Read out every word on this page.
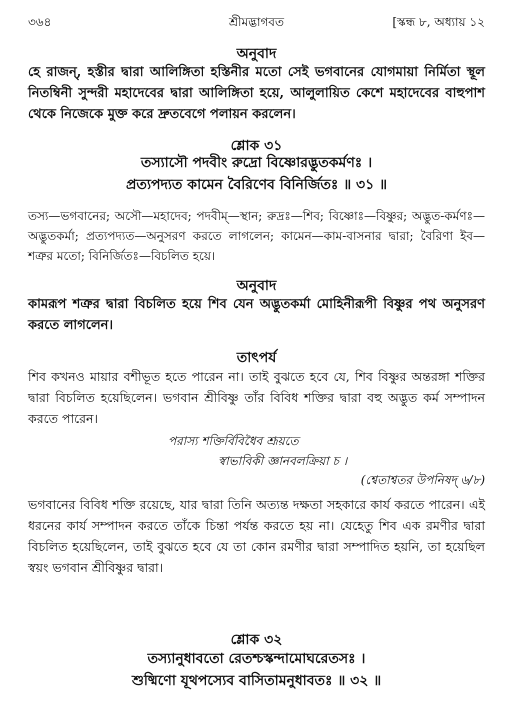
৩৬৪	শ্রীমদ্ভাগবত	[স্কন্ধ ৮, অধ্যায় ১২
অনুবাদ
হে রাজন্, হস্তীর দ্বারা আলিঙ্গিতা হস্তিনীর মতো সেই ভগবানের যোগমায়া নির্মিতা স্থূল নিতম্বিনী সুন্দরী মহাদেবের দ্বারা আলিঙ্গিতা হয়ে, আলুলায়িত কেশে মহাদেবের বাহুপাশ থেকে নিজেকে মুক্ত করে দ্রুতবেগে পলায়ন করলেন।
শ্লোক ৩১
তস্যাসৌ পদবীং রুদ্রো বিষ্ণোরদ্ভুতকর্মণঃ ।
প্রত্যপদ্যত কামেন বৈরিণেব বিনির্জিতঃ ॥ ৩১ ॥
তস্য—ভগবানের; অসৌ—মহাদেব; পদবীম্—স্থান; রুদ্রঃ—শিব; বিষ্ণোঃ—বিষ্ণুর; অদ্ভুত-কর্মণঃ—অদ্ভুতকর্মা; প্রত্যপদ্যত—অনুসরণ করতে লাগলেন; কামেন—কাম-বাসনার দ্বারা; বৈরিণা ইব—শত্রুর মতো; বিনির্জিতঃ—বিচলিত হয়ে।
অনুবাদ
কামরূপ শত্রুর দ্বারা বিচলিত হয়ে শিব যেন অদ্ভুতকর্মা মোহিনীরূপী বিষ্ণুর পথ অনুসরণ করতে লাগলেন।
তাৎপর্য
শিব কখনও মায়ার বশীভূত হতে পারেন না। তাই বুঝতে হবে যে, শিব বিষ্ণুর অন্তরঙ্গা শক্তির দ্বারা বিচলিত হয়েছিলেন। ভগবান শ্রীবিষ্ণু তাঁর বিবিধ শক্তির দ্বারা বহু অদ্ভুত কর্ম সম্পাদন করতে পারেন।
পরাস্য শক্তির্বিবিধৈব শ্রূয়তে
স্বাভাবিকী জ্ঞানবলক্রিয়া চ ।
(শ্বেতাশ্বতর উপনিষদ্ ৬/৮)
ভগবানের বিবিধ শক্তি রয়েছে, যার দ্বারা তিনি অত্যন্ত দক্ষতা সহকারে কার্য করতে পারেন। এই ধরনের কার্য সম্পাদন করতে তাঁকে চিন্তা পর্যন্ত করতে হয় না। যেহেতু শিব এক রমণীর দ্বারা বিচলিত হয়েছিলেন, তাই বুঝতে হবে যে তা কোন রমণীর দ্বারা সম্পাদিত হয়নি, তা হয়েছিল স্বয়ং ভগবান শ্রীবিষ্ণুর দ্বারা।
শ্লোক ৩২
তস্যানুধাবতো রেতশ্চস্কন্দামোঘরেতসঃ ।
শুষ্মিণো যূথপস্যেব বাসিতামনুধাবতঃ ॥ ৩২ ॥
